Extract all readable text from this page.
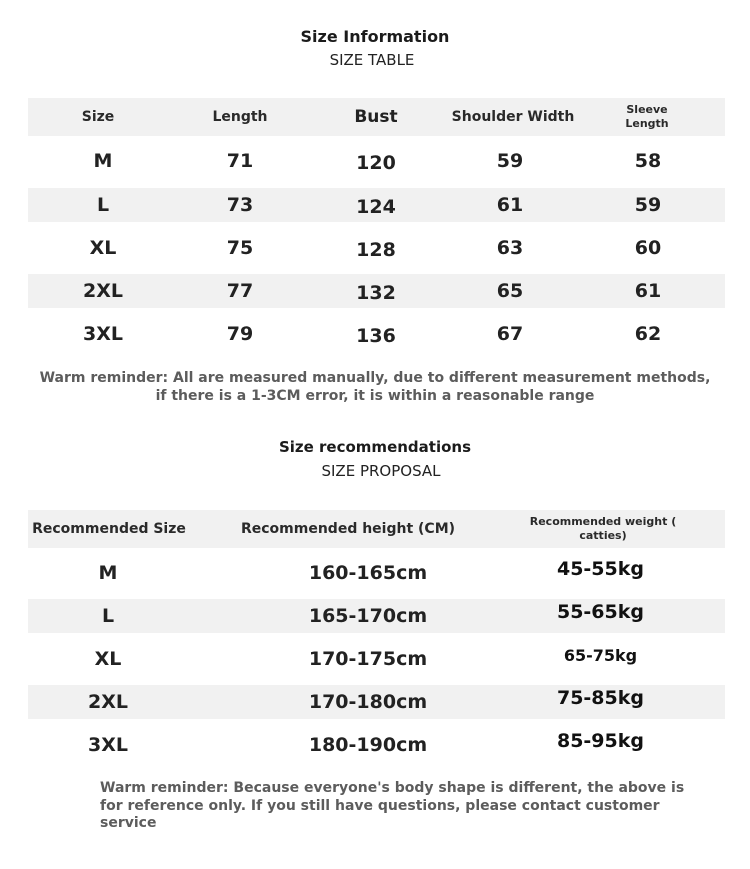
Size Information
SIZE TABLE
Size	Length	Bust	Shoulder Width	Sleeve Length
M	71	120	59	58
L	73	124	61	59
XL	75	128	63	60
2XL	77	132	65	61
3XL	79	136	67	62
Warm reminder: All are measured manually, due to different measurement methods, if there is a 1-3CM error, it is within a reasonable range
Size recommendations
SIZE PROPOSAL
Recommended Size	Recommended height (CM)	Recommended weight ( catties)
M	160-165cm	45-55kg
L	165-170cm	55-65kg
XL	170-175cm	65-75kg
2XL	170-180cm	75-85kg
3XL	180-190cm	85-95kg
Warm reminder: Because everyone's body shape is different, the above is for reference only. If you still have questions, please contact customer service
